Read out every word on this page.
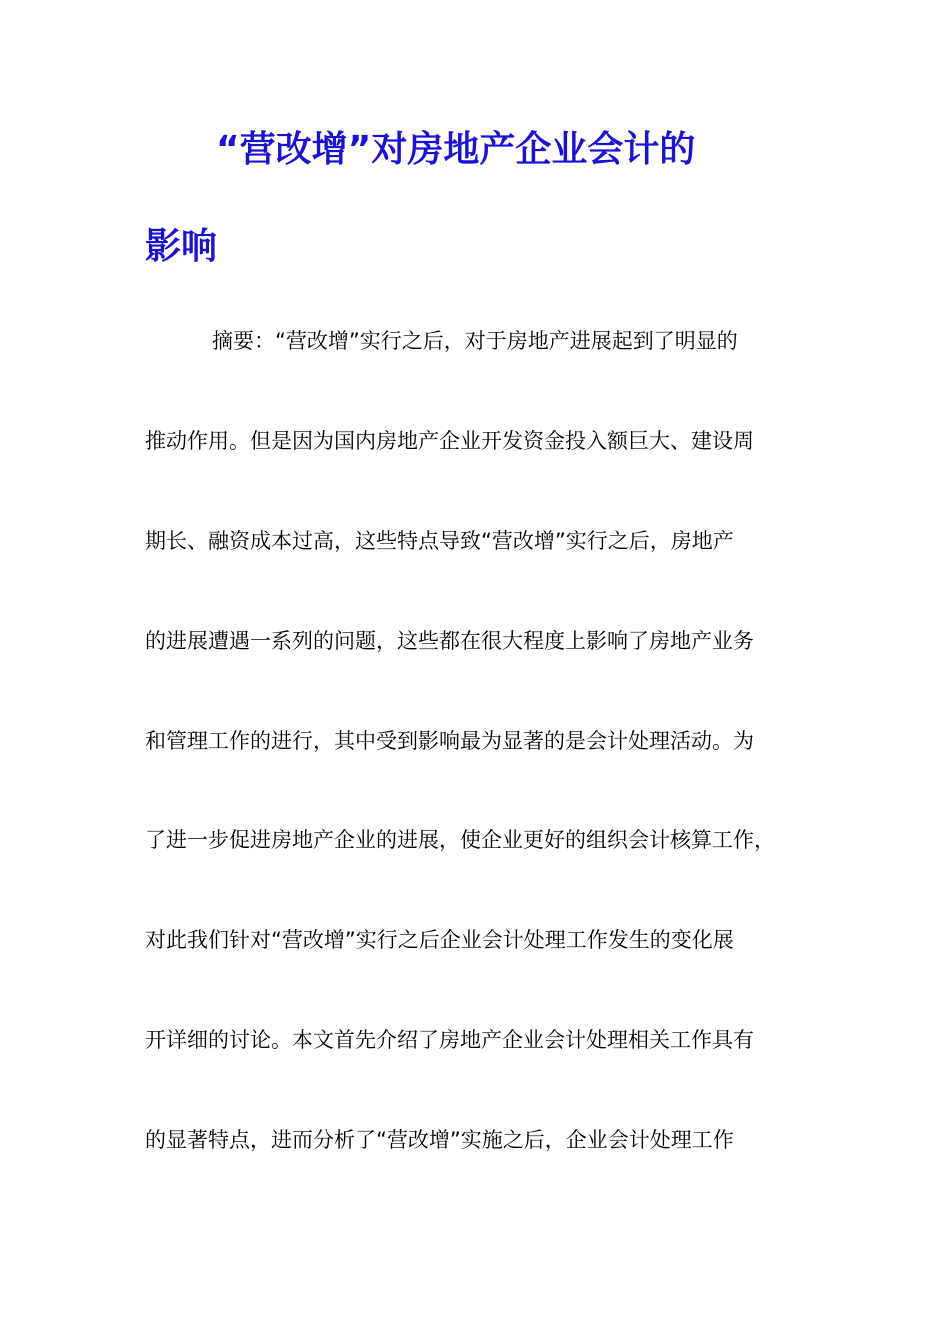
“营改增”对房地产企业会计的
影响

摘要：“营改增”实行之后，对于房地产进展起到了明显的

推动作用。但是因为国内房地产企业开发资金投入额巨大、建设周

期长、融资成本过高，这些特点导致“营改增”实行之后，房地产

的进展遭遇一系列的问题，这些都在很大程度上影响了房地产业务

和管理工作的进行，其中受到影响最为显著的是会计处理活动。为

了进一步促进房地产企业的进展，使企业更好的组织会计核算工作，

对此我们针对“营改增”实行之后企业会计处理工作发生的变化展

开详细的讨论。本文首先介绍了房地产企业会计处理相关工作具有

的显著特点，进而分析了“营改增”实施之后，企业会计处理工作
